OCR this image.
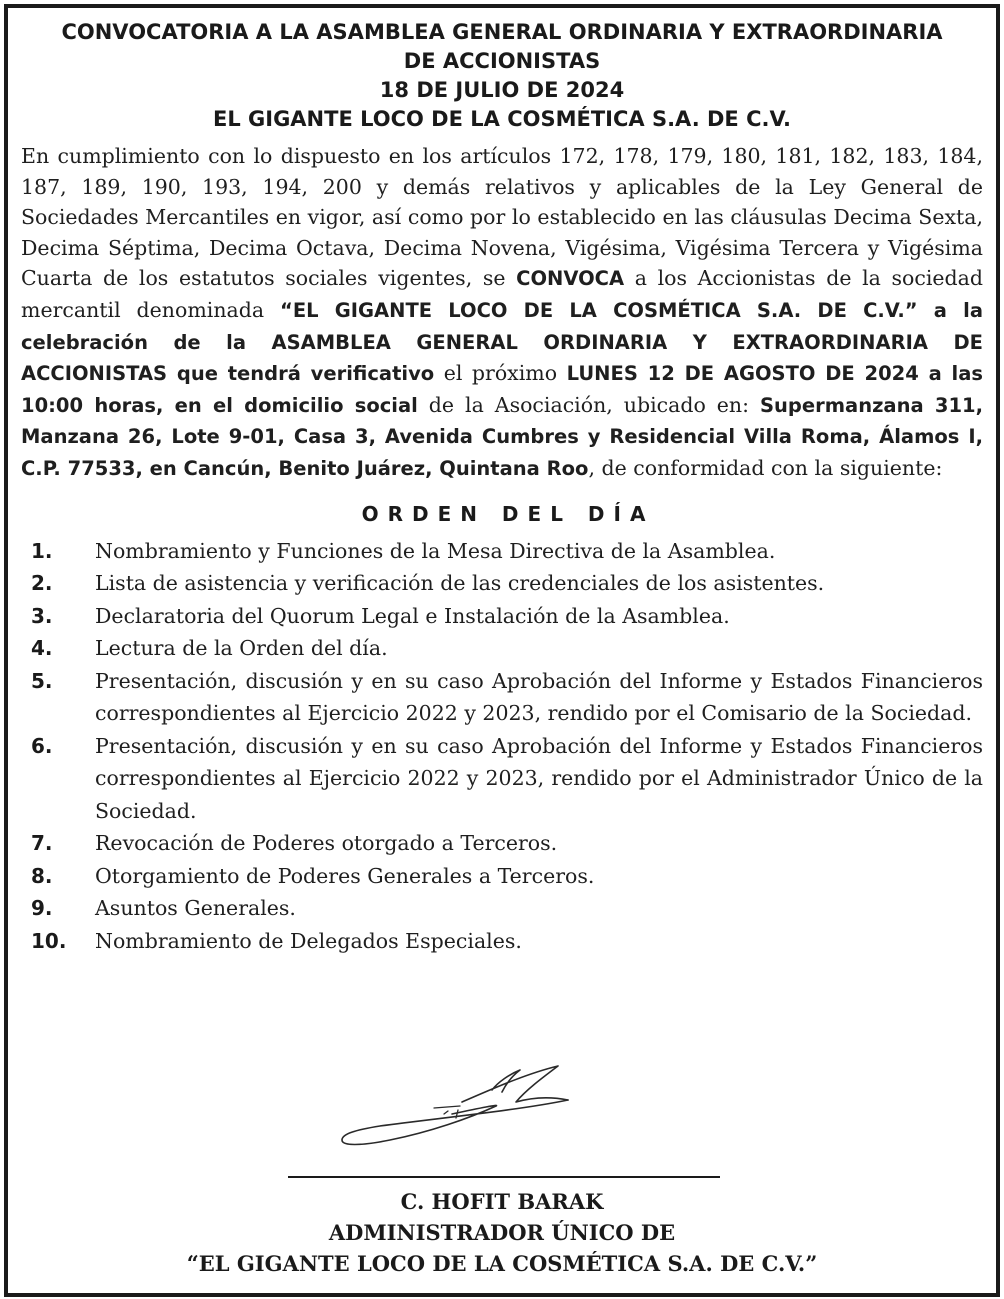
CONVOCATORIA A LA ASAMBLEA GENERAL ORDINARIA Y EXTRAORDINARIA

DE ACCIONISTAS

18 DE JULIO DE 2024

EL GIGANTE LOCO DE LA COSMÉTICA S.A. DE C.V.

En cumplimiento con lo dispuesto en los artículos 172, 178, 179, 180, 181, 182, 183, 184, 187, 189, 190, 193, 194, 200 y demás relativos y aplicables de la Ley General de Sociedades Mercantiles en vigor, así como por lo establecido en las cláusulas Decima Sexta, Decima Séptima, Decima Octava, Decima Novena, Vigésima, Vigésima Tercera y Vigésima Cuarta de los estatutos sociales vigentes, se CONVOCA a los Accionistas de la sociedad mercantil denominada “EL GIGANTE LOCO DE LA COSMÉTICA S.A. DE C.V.” a la celebración de la ASAMBLEA GENERAL ORDINARIA Y EXTRAORDINARIA DE ACCIONISTAS que tendrá verificativo el próximo LUNES 12 DE AGOSTO DE 2024 a las 10:00 horas, en el domicilio social de la Asociación, ubicado en: Supermanzana 311, Manzana 26, Lote 9-01, Casa 3, Avenida Cumbres y Residencial Villa Roma, Álamos I, C.P. 77533, en Cancún, Benito Juárez, Quintana Roo, de conformidad con la siguiente:

ORDEN DEL DÍA

1.	Nombramiento y Funciones de la Mesa Directiva de la Asamblea.
2.	Lista de asistencia y verificación de las credenciales de los asistentes.
3.	Declaratoria del Quorum Legal e Instalación de la Asamblea.
4.	Lectura de la Orden del día.
5.	Presentación, discusión y en su caso Aprobación del Informe y Estados Financieros correspondientes al Ejercicio 2022 y 2023, rendido por el Comisario de la Sociedad.
6.	Presentación, discusión y en su caso Aprobación del Informe y Estados Financieros correspondientes al Ejercicio 2022 y 2023, rendido por el Administrador Único de la Sociedad.
7.	Revocación de Poderes otorgado a Terceros.
8.	Otorgamiento de Poderes Generales a Terceros.
9.	Asuntos Generales.
10.	Nombramiento de Delegados Especiales.

C. HOFIT BARAK

ADMINISTRADOR ÚNICO DE

“EL GIGANTE LOCO DE LA COSMÉTICA S.A. DE C.V.”
